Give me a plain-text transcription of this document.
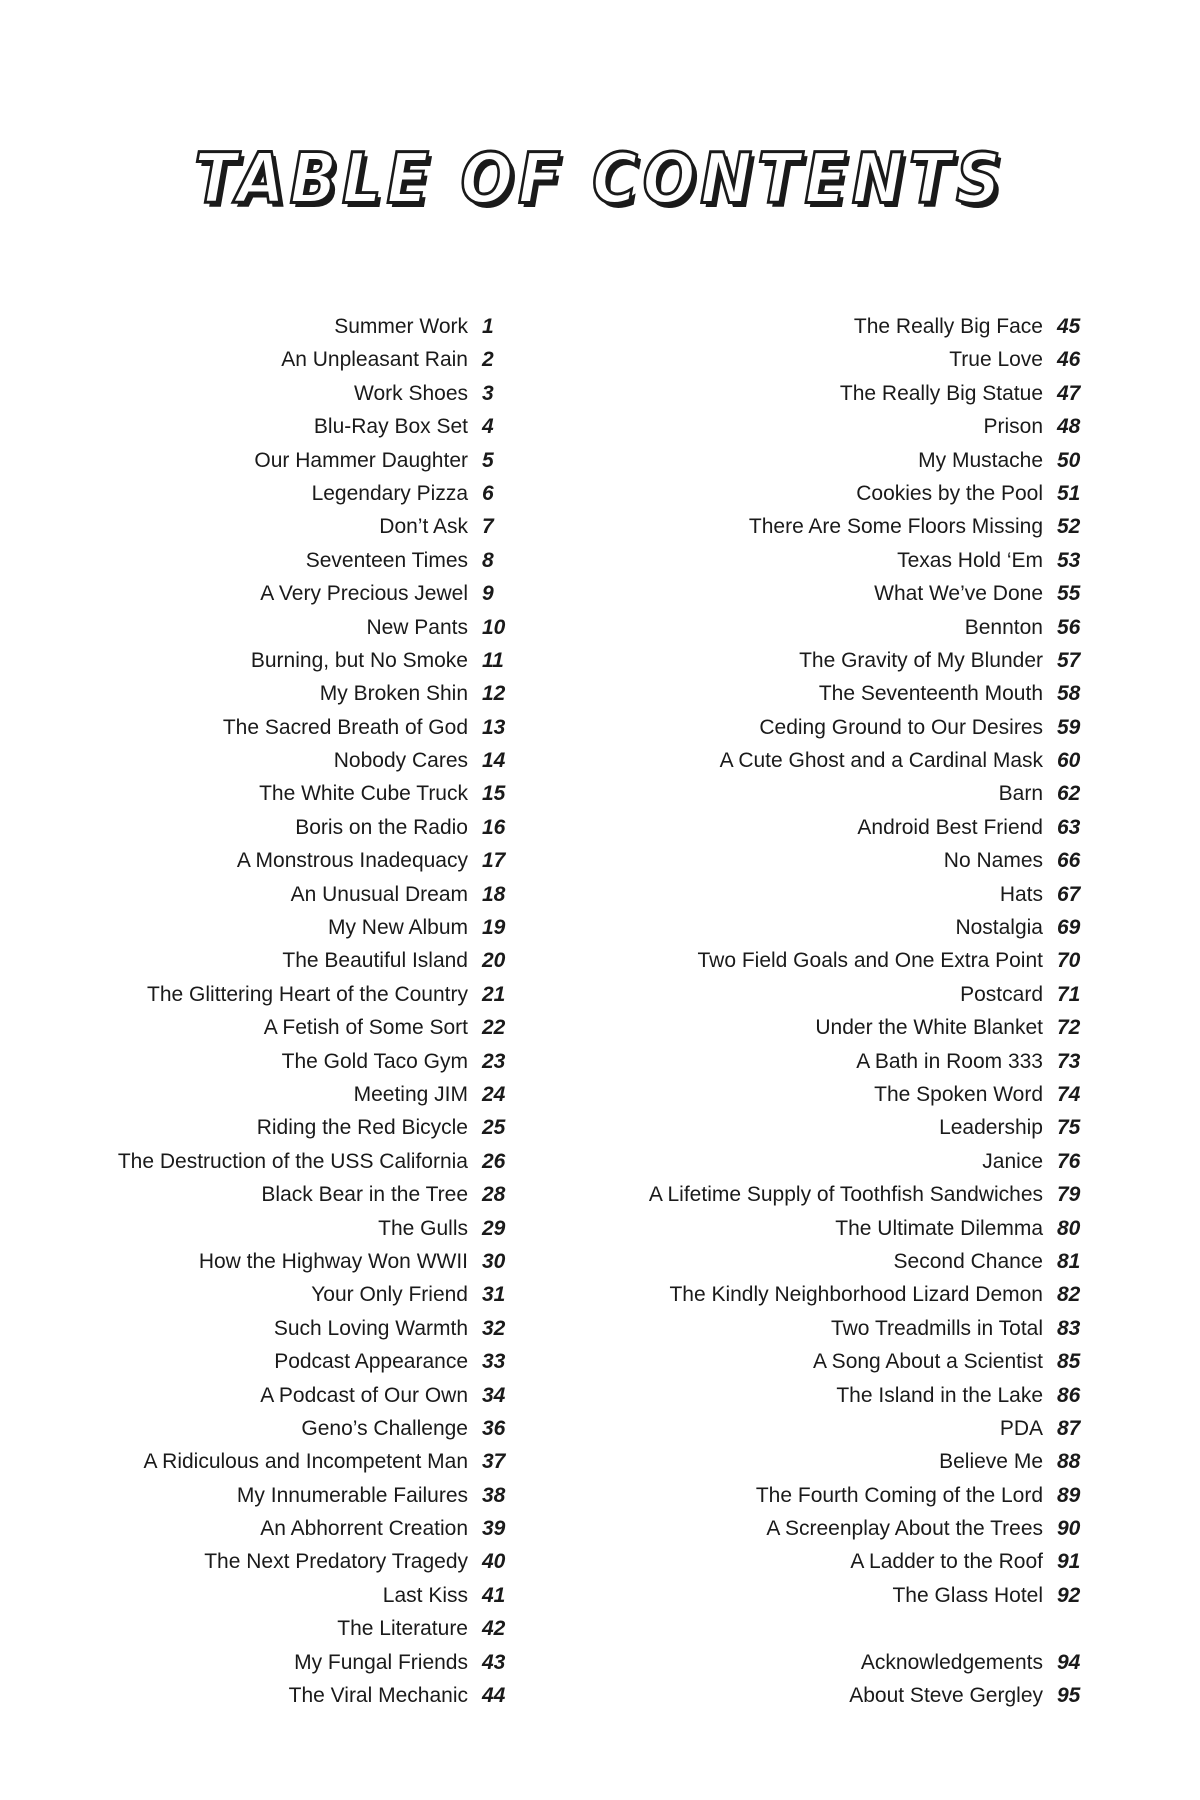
TABLE OF CONTENTS
Summer Work 1
An Unpleasant Rain 2
Work Shoes 3
Blu-Ray Box Set 4
Our Hammer Daughter 5
Legendary Pizza 6
Don’t Ask 7
Seventeen Times 8
A Very Precious Jewel 9
New Pants 10
Burning, but No Smoke 11
My Broken Shin 12
The Sacred Breath of God 13
Nobody Cares 14
The White Cube Truck 15
Boris on the Radio 16
A Monstrous Inadequacy 17
An Unusual Dream 18
My New Album 19
The Beautiful Island 20
The Glittering Heart of the Country 21
A Fetish of Some Sort 22
The Gold Taco Gym 23
Meeting JIM 24
Riding the Red Bicycle 25
The Destruction of the USS California 26
Black Bear in the Tree 28
The Gulls 29
How the Highway Won WWII 30
Your Only Friend 31
Such Loving Warmth 32
Podcast Appearance 33
A Podcast of Our Own 34
Geno’s Challenge 36
A Ridiculous and Incompetent Man 37
My Innumerable Failures 38
An Abhorrent Creation 39
The Next Predatory Tragedy 40
Last Kiss 41
The Literature 42
My Fungal Friends 43
The Viral Mechanic 44
The Really Big Face 45
True Love 46
The Really Big Statue 47
Prison 48
My Mustache 50
Cookies by the Pool 51
There Are Some Floors Missing 52
Texas Hold ‘Em 53
What We’ve Done 55
Bennton 56
The Gravity of My Blunder 57
The Seventeenth Mouth 58
Ceding Ground to Our Desires 59
A Cute Ghost and a Cardinal Mask 60
Barn 62
Android Best Friend 63
No Names 66
Hats 67
Nostalgia 69
Two Field Goals and One Extra Point 70
Postcard 71
Under the White Blanket 72
A Bath in Room 333 73
The Spoken Word 74
Leadership 75
Janice 76
A Lifetime Supply of Toothfish Sandwiches 79
The Ultimate Dilemma 80
Second Chance 81
The Kindly Neighborhood Lizard Demon 82
Two Treadmills in Total 83
A Song About a Scientist 85
The Island in the Lake 86
PDA 87
Believe Me 88
The Fourth Coming of the Lord 89
A Screenplay About the Trees 90
A Ladder to the Roof 91
The Glass Hotel 92
Acknowledgements 94
About Steve Gergley 95
